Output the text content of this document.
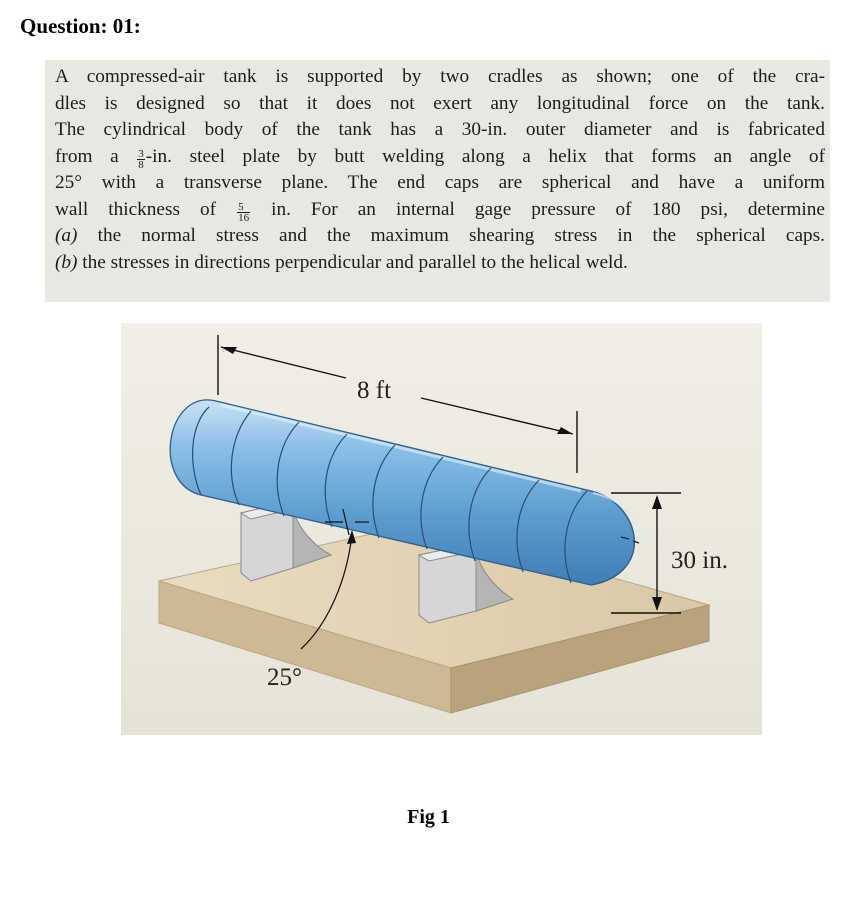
Question: 01:
A compressed-air tank is supported by two cradles as shown; one of the cra-
dles is designed so that it does not exert any longitudinal force on the tank.
The cylindrical body of the tank has a 30-in. outer diameter and is fabricated
from a $\frac{3}{8} -in$. steel plate by butt welding along a helix that forms an angle of
25° with a transverse plane. The end caps are spherical and have a uniform
wall thickness of $\frac{5}{16}$ in. For an internal gage pressure of 180 psi, determine
(a) the normal stress and the maximum shearing stress in the spherical caps.
(b) the stresses in directions perpendicular and parallel to the helical weld.
8 ft
30 in.
25°
Fig 1
